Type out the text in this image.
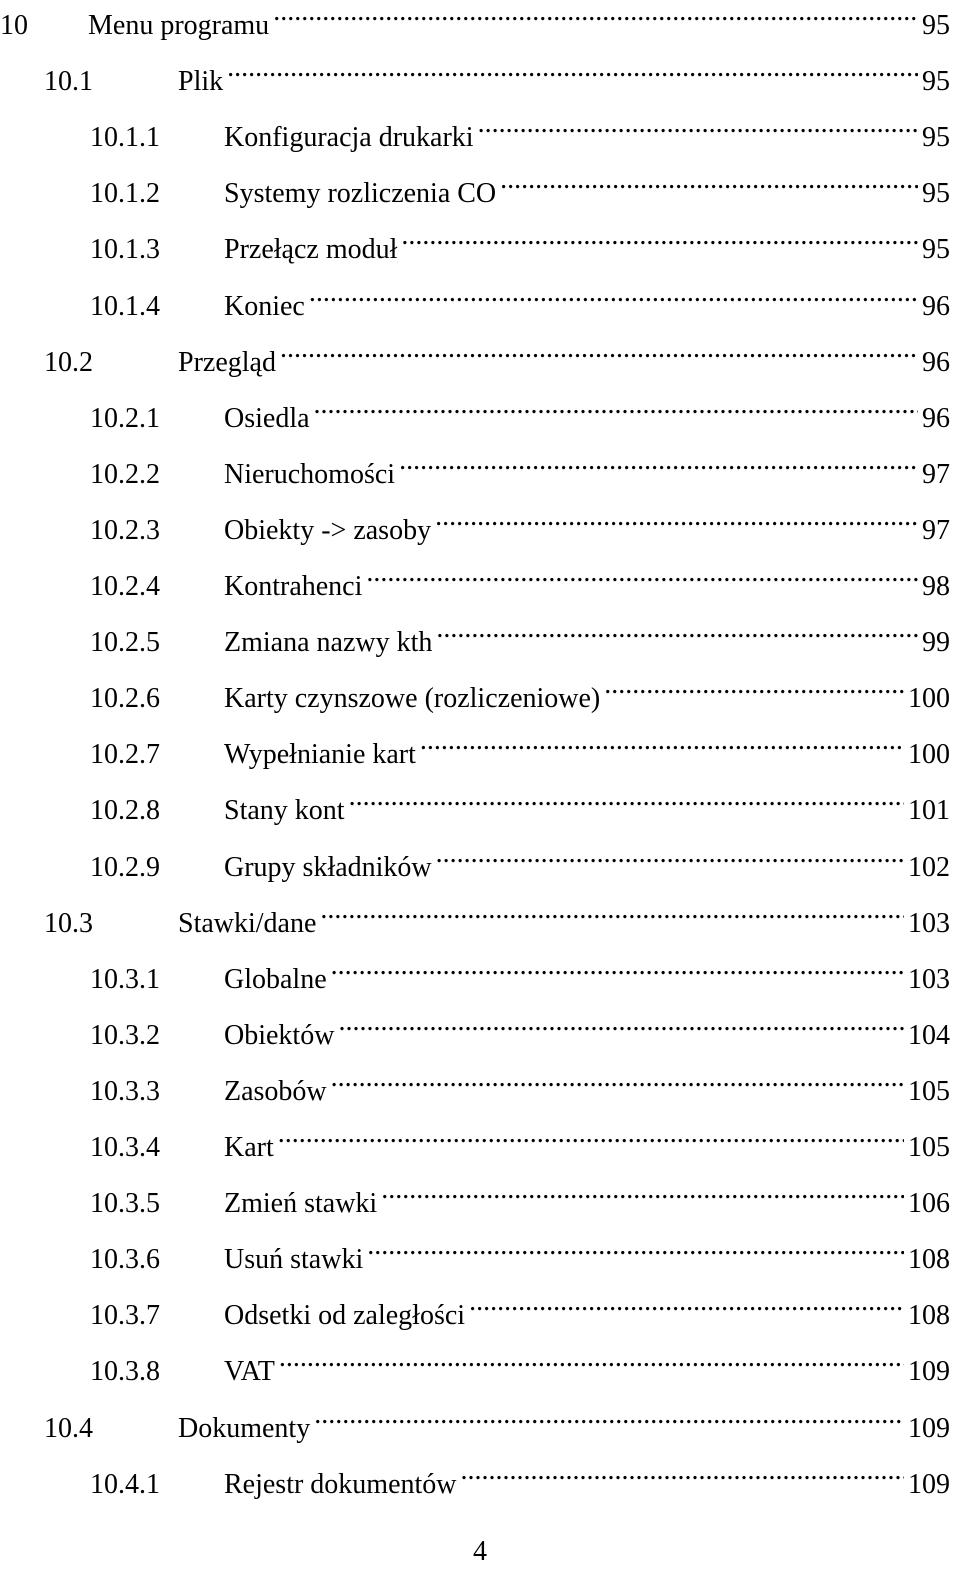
10	Menu programu .....	95
10.1	Plik .....	95
10.1.1	Konfiguracja drukarki .....	95
10.1.2	Systemy rozliczenia CO .....	95
10.1.3	Przełącz moduł .....	95
10.1.4	Koniec .....	96
10.2	Przegląd .....	96
10.2.1	Osiedla .....	96
10.2.2	Nieruchomości .....	97
10.2.3	Obiekty -> zasoby .....	97
10.2.4	Kontrahenci .....	98
10.2.5	Zmiana nazwy kth .....	99
10.2.6	Karty czynszowe (rozliczeniowe) .....	100
10.2.7	Wypełnianie kart .....	100
10.2.8	Stany kont .....	101
10.2.9	Grupy składników .....	102
10.3	Stawki/dane .....	103
10.3.1	Globalne .....	103
10.3.2	Obiektów .....	104
10.3.3	Zasobów .....	105
10.3.4	Kart .....	105
10.3.5	Zmień stawki .....	106
10.3.6	Usuń stawki .....	108
10.3.7	Odsetki od zaległości .....	108
10.3.8	VAT .....	109
10.4	Dokumenty .....	109
10.4.1	Rejestr dokumentów .....	109
4
